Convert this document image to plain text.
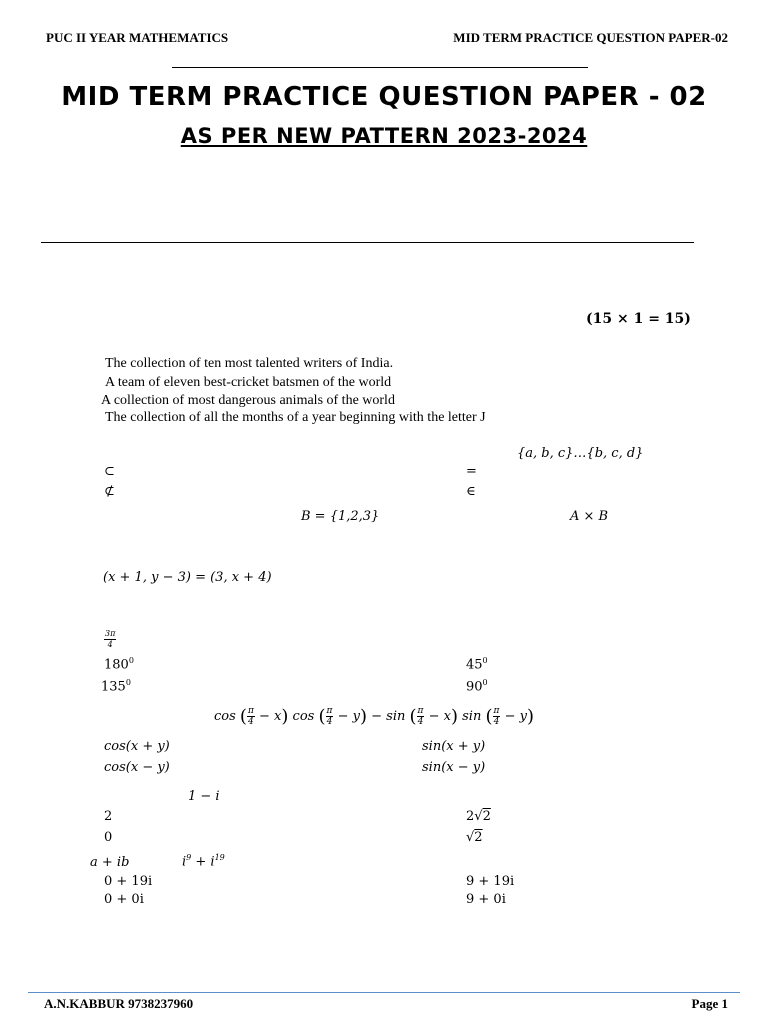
PUC II YEAR MATHEMATICS	MID TERM PRACTICE QUESTION PAPER-02
MID TERM PRACTICE QUESTION PAPER - 02
AS PER NEW PATTERN 2023-2024
(15 × 1 = 15)
The collection of ten most talented writers of India.
A team of eleven best-cricket batsmen of the world
A collection of most dangerous animals of the world
The collection of all the months of a year beginning with the letter J
{a, b, c}…{b, c, d}
⊂	=
⊄	∈
B = {1,2,3}	A × B
(x + 1, y − 3) = (3, x + 4)
$\frac{3\pi}{4}$
$180^0$	$45^0$
$135^0$	$90^0$
cos ( $\frac{\pi}{4} - x$) cos ( $\frac{\pi}{4} - y) - \sin$ ( $\frac{\pi}{4} - x$) sin ( $\frac{\pi}{4} - y$)
cos(x + y)	sin(x + y)
cos(x − y)	sin(x − y)
1 − i
2	2√2
0	√2
a + ib	$i^9 + i^{19}$
0 + 19i	9 + 19i
0 + 0i	9 + 0i
A.N.KABBUR 9738237960	Page 1
